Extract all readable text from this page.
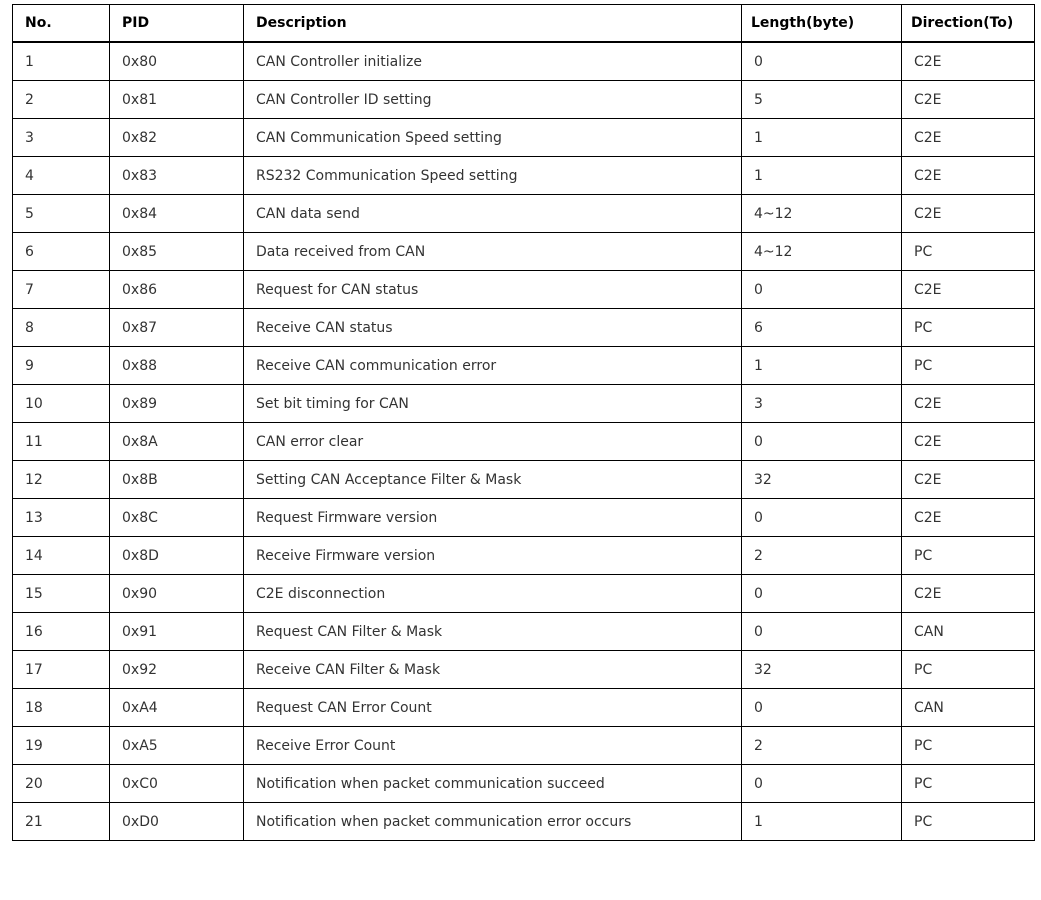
No.	PID	Description	Length(byte)	Direction(To)
1	0x80	CAN Controller initialize	0	C2E
2	0x81	CAN Controller ID setting	5	C2E
3	0x82	CAN Communication Speed setting	1	C2E
4	0x83	RS232 Communication Speed setting	1	C2E
5	0x84	CAN data send	4~12	C2E
6	0x85	Data received from CAN	4~12	PC
7	0x86	Request for CAN status	0	C2E
8	0x87	Receive CAN status	6	PC
9	0x88	Receive CAN communication error	1	PC
10	0x89	Set bit timing for CAN	3	C2E
11	0x8A	CAN error clear	0	C2E
12	0x8B	Setting CAN Acceptance Filter & Mask	32	C2E
13	0x8C	Request Firmware version	0	C2E
14	0x8D	Receive Firmware version	2	PC
15	0x90	C2E disconnection	0	C2E
16	0x91	Request CAN Filter & Mask	0	CAN
17	0x92	Receive CAN Filter & Mask	32	PC
18	0xA4	Request CAN Error Count	0	CAN
19	0xA5	Receive Error Count	2	PC
20	0xC0	Notification when packet communication succeed	0	PC
21	0xD0	Notification when packet communication error occurs	1	PC
